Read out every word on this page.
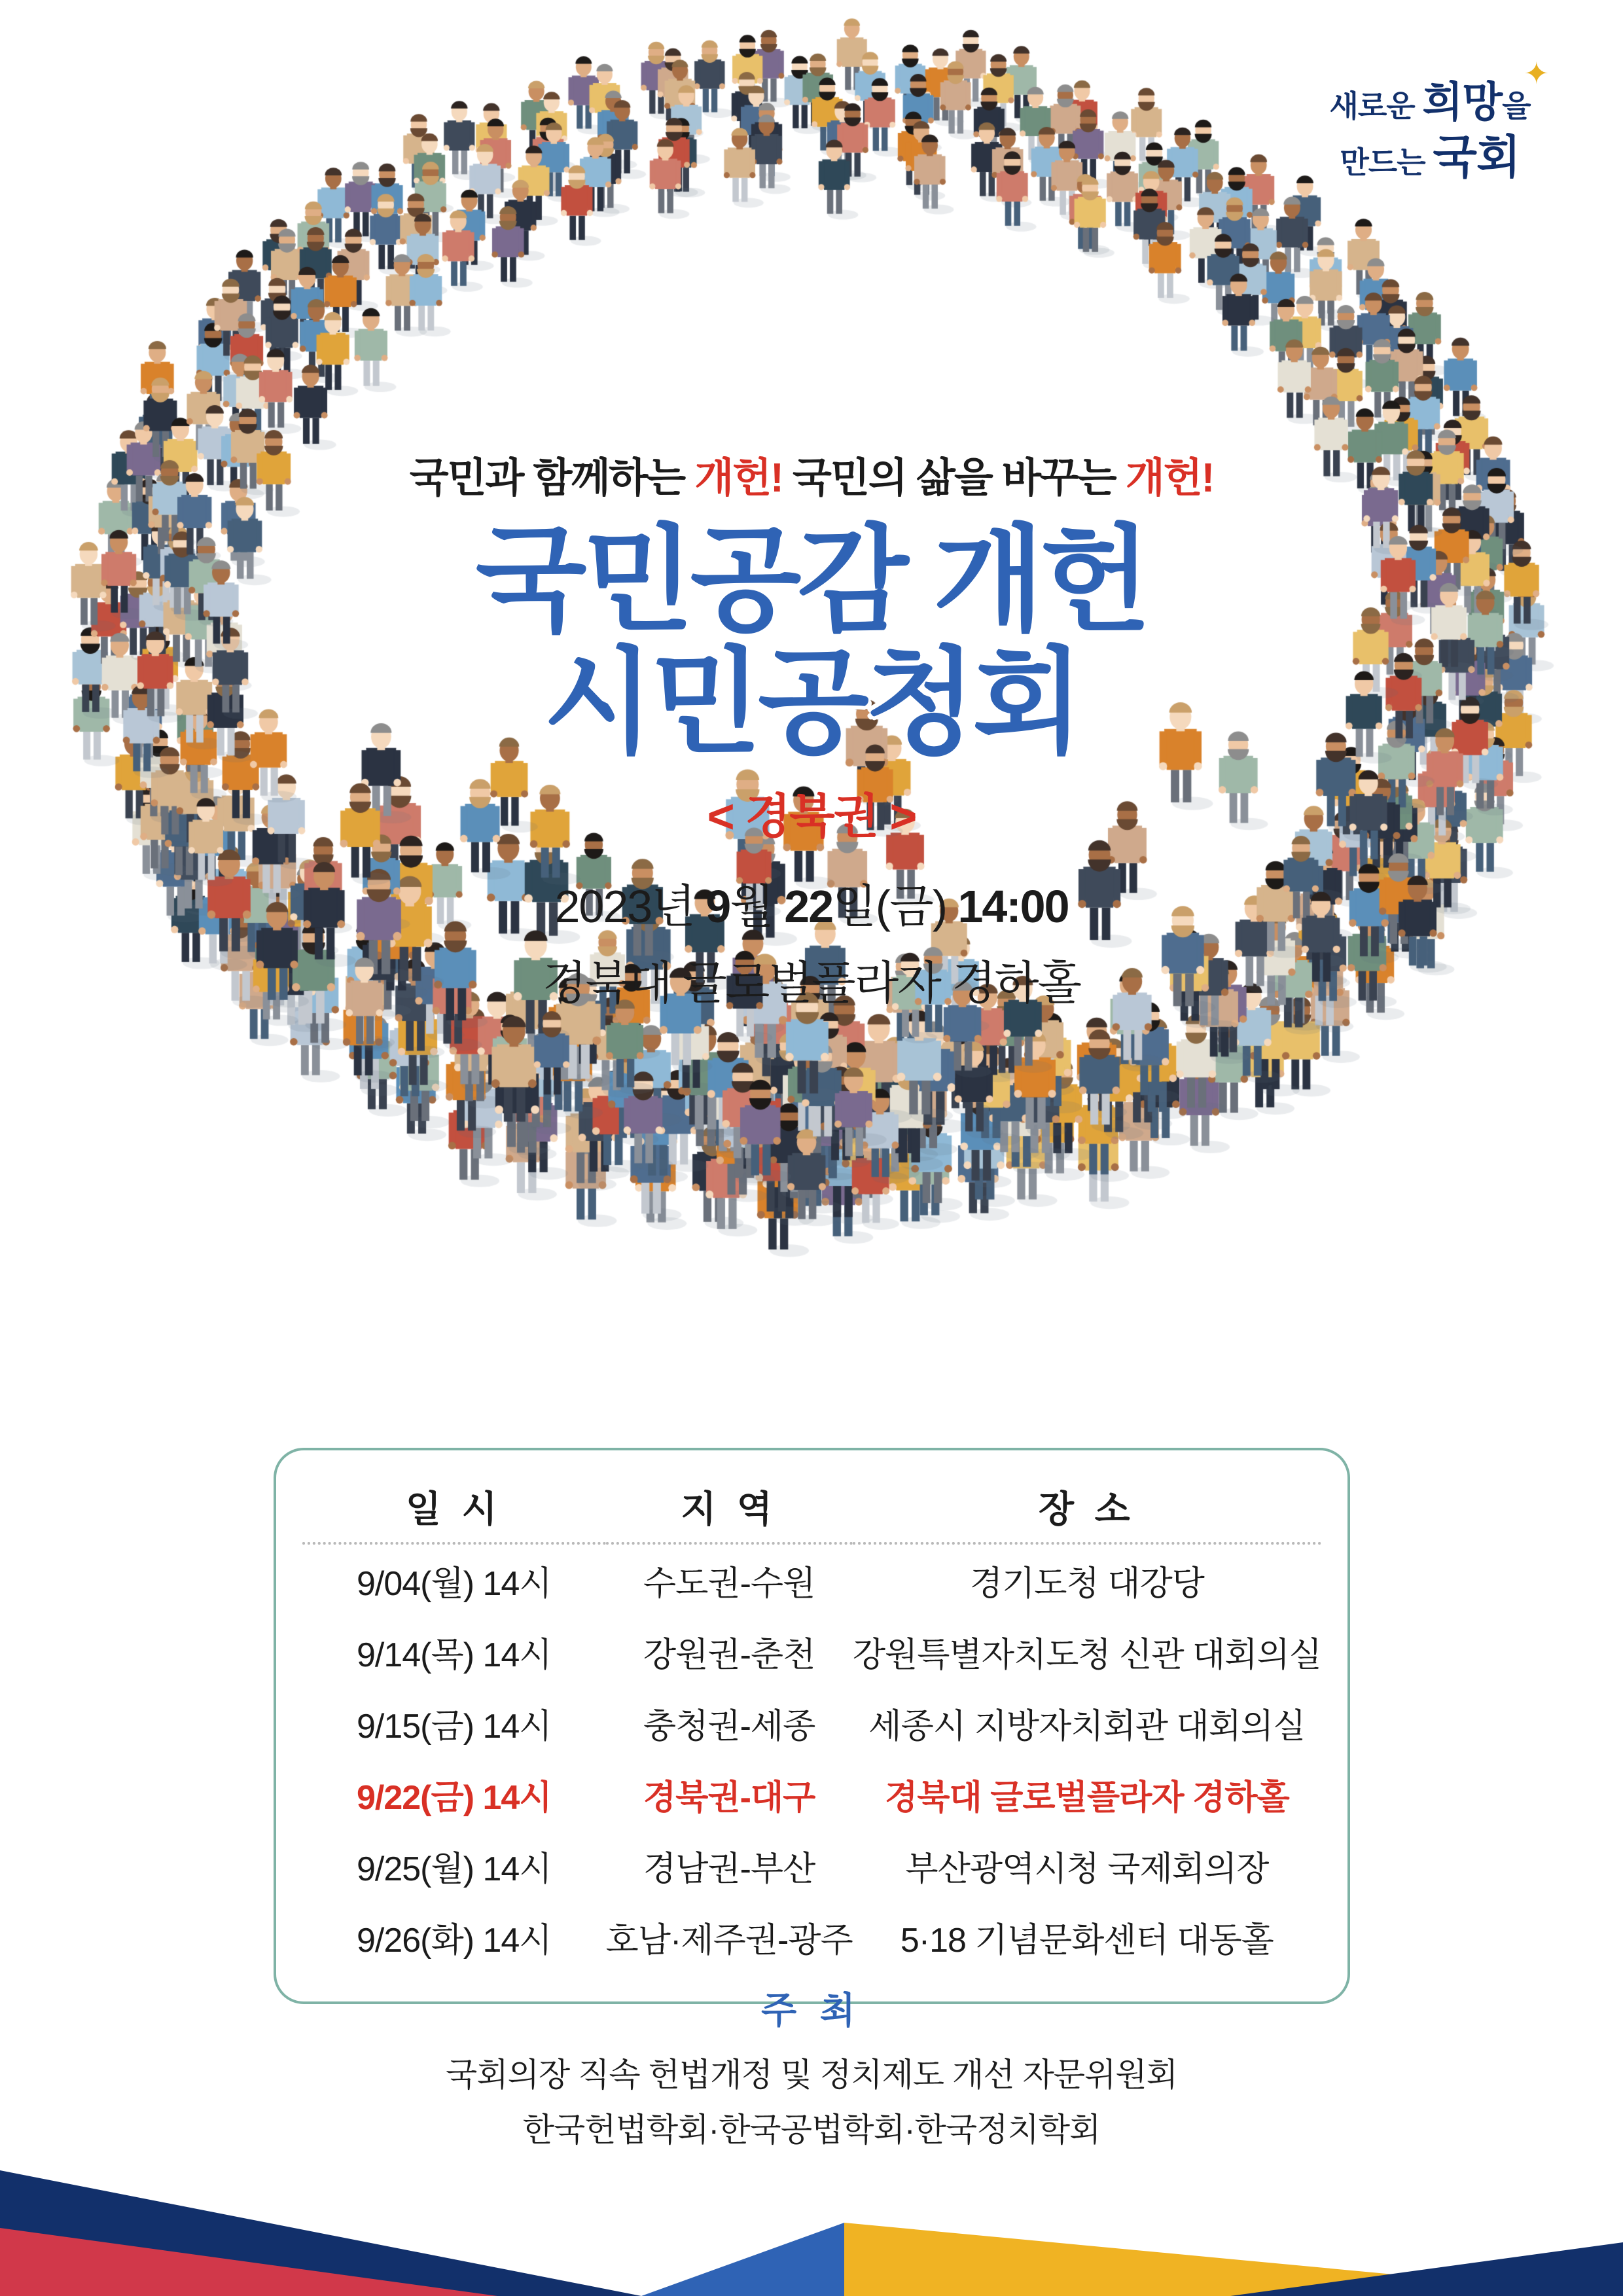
✦
새로운 희망을
만드는 국회
국민과 함께하는 개헌! 국민의 삶을 바꾸는 개헌!
국민공감 개헌
시민공청회
< 경북권 >
2023년 9월 22일(금) 14:00
경북대 글로벌플라자 경하홀
일 시	지 역	장 소
9/04(월) 14시	수도권-수원	경기도청 대강당
9/14(목) 14시	강원권-춘천	강원특별자치도청 신관 대회의실
9/15(금) 14시	충청권-세종	세종시 지방자치회관 대회의실
9/22(금) 14시	경북권-대구	경북대 글로벌플라자 경하홀
9/25(월) 14시	경남권-부산	부산광역시청 국제회의장
9/26(화) 14시	호남·제주권-광주	5·18 기념문화센터 대동홀
주 최
국회의장 직속 헌법개정 및 정치제도 개선 자문위원회
한국헌법학회·한국공법학회·한국정치학회
